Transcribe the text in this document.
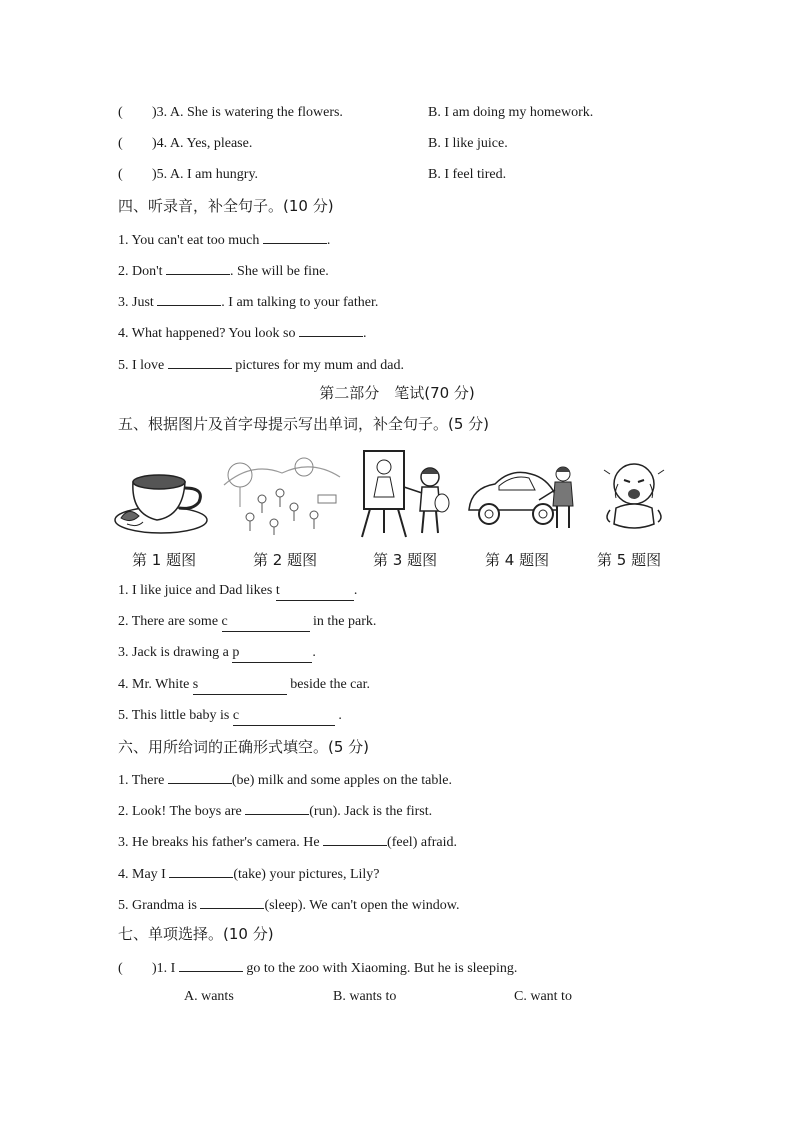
( )3. A. She is watering the flowers.	B. I am doing my homework.
( )4. A. Yes, please.	B. I like juice.
( )5. A. I am hungry.	B. I feel tired.
四、听录音，补全句子。(10 分)
1. You can't eat too much	.
2. Don't	. She will be fine.
3. Just	. I am talking to your father.
4. What happened? You look so	.
5. I love	pictures for my mum and dad.
第二部分　笔试(70 分)
五、根据图片及首字母提示写出单词，补全句子。(5 分)
第 1 题图	第 2 题图	第 3 题图	第 4 题图	第 5 题图
1. I like juice and Dad likes t	.
2. There are some c	in the park.
3. Jack is drawing a p	.
4. Mr. White s	beside the car.
5. This little baby is c	.
六、用所给词的正确形式填空。(5 分)
1. There	(be) milk and some apples on the table.
2. Look! The boys are	(run). Jack is the first.
3. He breaks his father's camera. He	(feel) afraid.
4. May I	(take) your pictures, Lily?
5. Grandma is	(sleep). We can't open the window.
七、单项选择。(10 分)
( )1. I	go to the zoo with Xiaoming. But he is sleeping.
A. wants	B. wants to	C. want to
